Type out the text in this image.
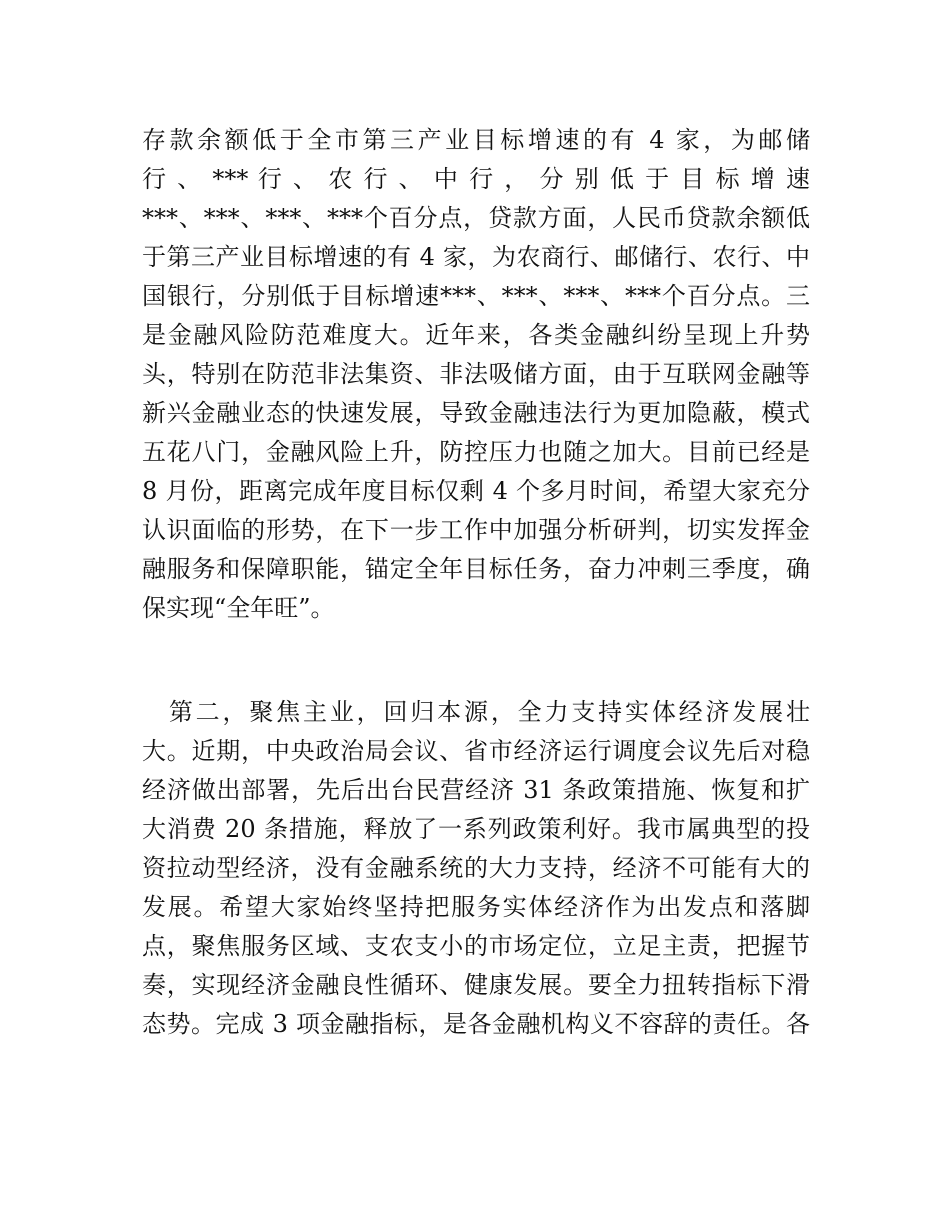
存款余额低于全市第三产业目标增速的有 4 家，为邮储
行 、 *** 行 、 农 行 、 中 行 ， 分 别 低 于 目 标 增 速
***、***、***、***个百分点，贷款方面，人民币贷款余额低
于第三产业目标增速的有 4 家，为农商行、邮储行、农行、中
国银行，分别低于目标增速***、***、***、***个百分点。三
是金融风险防范难度大。近年来，各类金融纠纷呈现上升势
头，特别在防范非法集资、非法吸储方面，由于互联网金融等
新兴金融业态的快速发展，导致金融违法行为更加隐蔽，模式
五花八门，金融风险上升，防控压力也随之加大。目前已经是
8 月份，距离完成年度目标仅剩 4 个多月时间，希望大家充分
认识面临的形势，在下一步工作中加强分析研判，切实发挥金
融服务和保障职能，锚定全年目标任务，奋力冲刺三季度，确
保实现“全年旺”。
　第二，聚焦主业，回归本源，全力支持实体经济发展壮
大。近期，中央政治局会议、省市经济运行调度会议先后对稳
经济做出部署，先后出台民营经济 31 条政策措施、恢复和扩
大消费 20 条措施，释放了一系列政策利好。我市属典型的投
资拉动型经济，没有金融系统的大力支持，经济不可能有大的
发展。希望大家始终坚持把服务实体经济作为出发点和落脚
点，聚焦服务区域、支农支小的市场定位，立足主责，把握节
奏，实现经济金融良性循环、健康发展。要全力扭转指标下滑
态势。完成 3 项金融指标，是各金融机构义不容辞的责任。各
